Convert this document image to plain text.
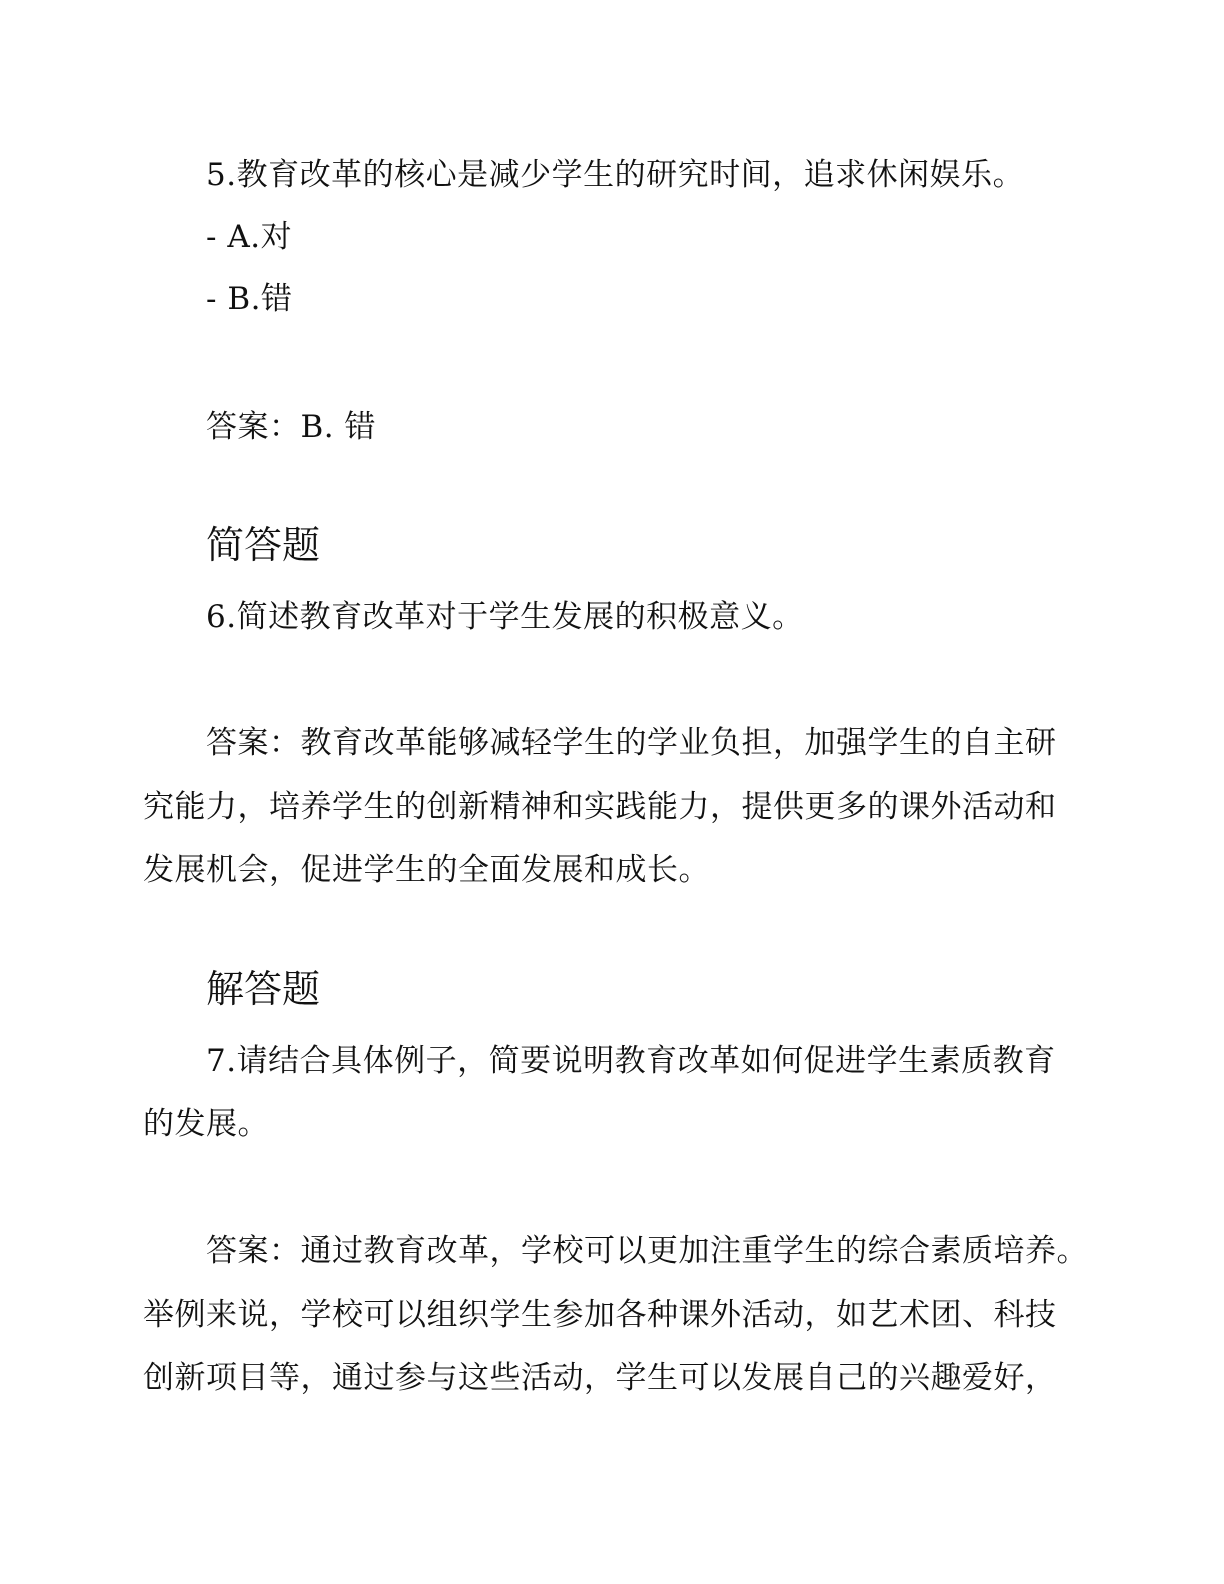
5.教育改革的核心是减少学生的研究时间，追求休闲娱乐。
- A.对
- B.错
答案：B. 错
简答题
6.简述教育改革对于学生发展的积极意义。
答案：教育改革能够减轻学生的学业负担，加强学生的自主研
究能力，培养学生的创新精神和实践能力，提供更多的课外活动和
发展机会，促进学生的全面发展和成长。
解答题
7.请结合具体例子，简要说明教育改革如何促进学生素质教育
的发展。
答案：通过教育改革，学校可以更加注重学生的综合素质培养。
举例来说，学校可以组织学生参加各种课外活动，如艺术团、科技
创新项目等，通过参与这些活动，学生可以发展自己的兴趣爱好，
